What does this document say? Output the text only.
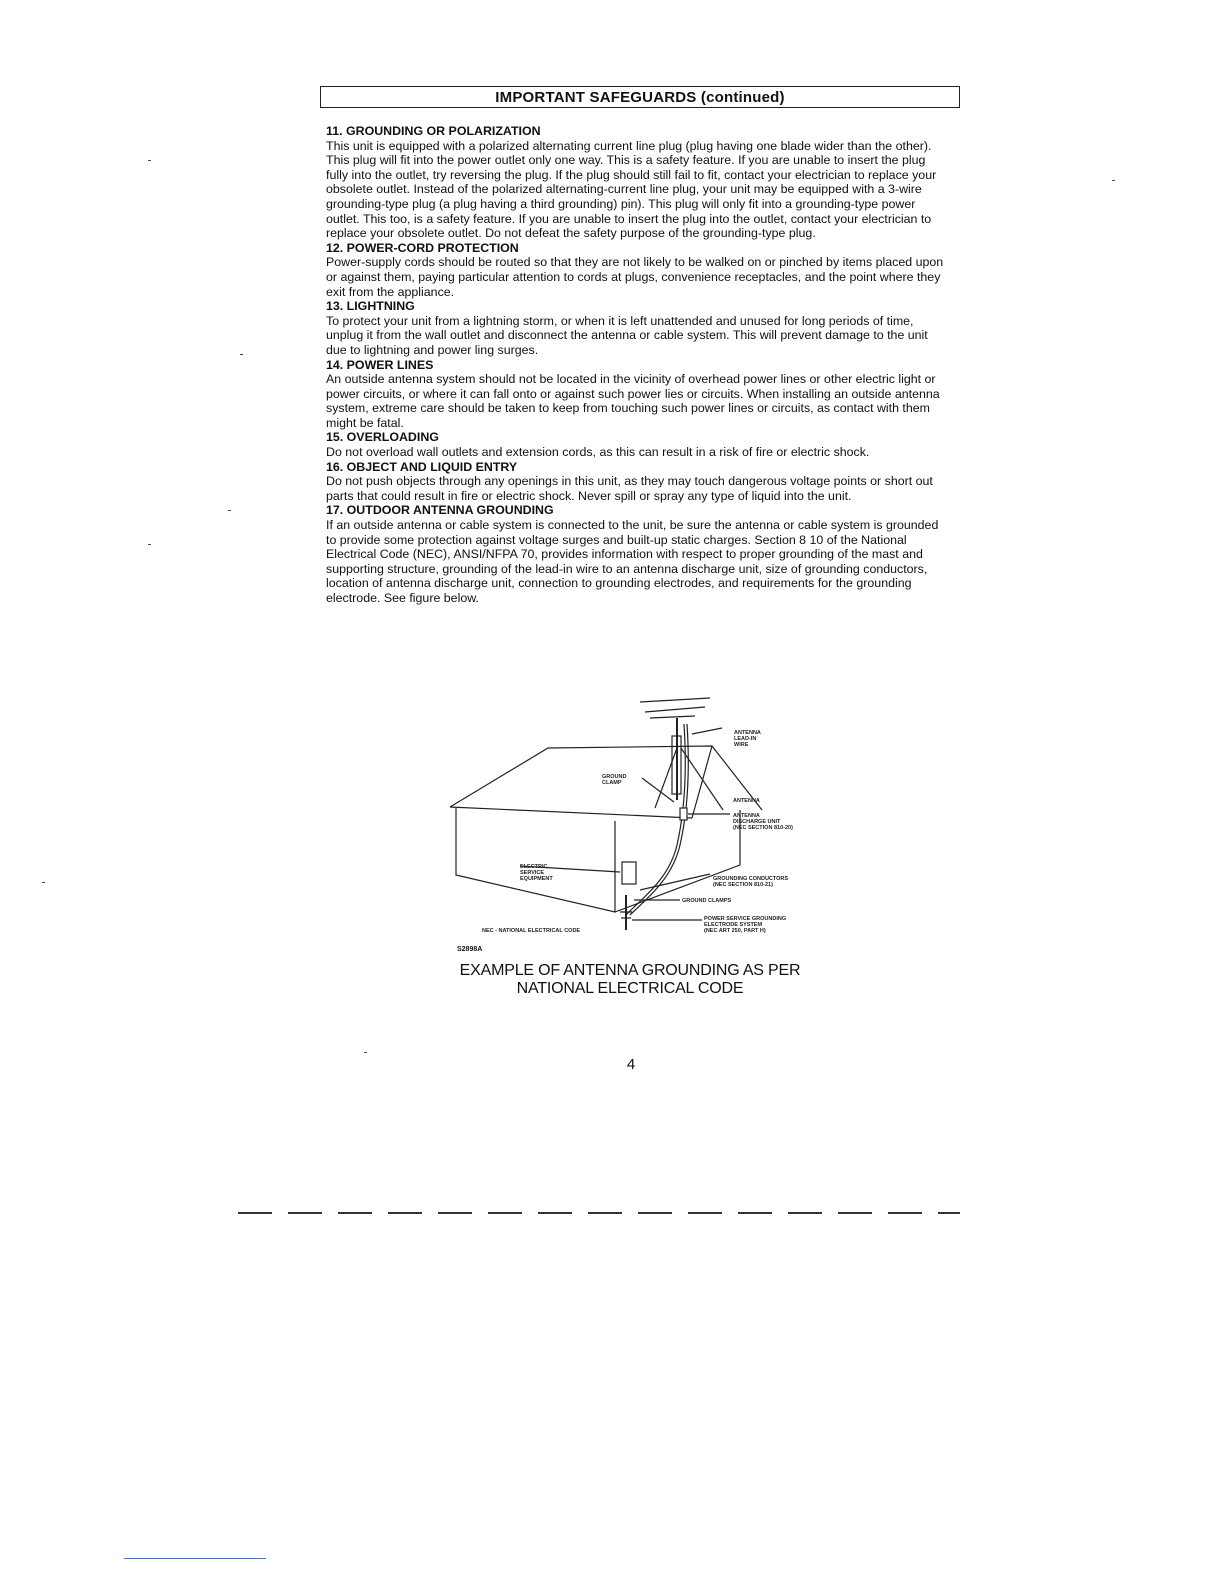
IMPORTANT SAFEGUARDS (continued)

11. GROUNDING OR POLARIZATION

This unit is equipped with a polarized alternating current line plug (plug having one blade wider than the other). This plug will fit into the power outlet only one way. This is a safety feature. If you are unable to insert the plug fully into the outlet, try reversing the plug. If the plug should still fail to fit, contact your electrician to replace your obsolete outlet. Instead of the polarized alternating-current line plug, your unit may be equipped with a 3-wire grounding-type plug (a plug having a third grounding) pin). This plug will only fit into a grounding-type power outlet. This too, is a safety feature. If you are unable to insert the plug into the outlet, contact your electrician to replace your obsolete outlet. Do not defeat the safety purpose of the grounding-type plug.

12. POWER-CORD PROTECTION

Power-supply cords should be routed so that they are not likely to be walked on or pinched by items placed upon or against them, paying particular attention to cords at plugs, convenience receptacles, and the point where they exit from the appliance.

13. LIGHTNING

To protect your unit from a lightning storm, or when it is left unattended and unused for long periods of time, unplug it from the wall outlet and disconnect the antenna or cable system. This will prevent damage to the unit due to lightning and power ling surges.

14. POWER LINES

An outside antenna system should not be located in the vicinity of overhead power lines or other electric light or power circuits, or where it can fall onto or against such power lies or circuits. When installing an outside antenna system, extreme care should be taken to keep from touching such power lines or circuits, as contact with them might be fatal.

15. OVERLOADING

Do not overload wall outlets and extension cords, as this can result in a risk of fire or electric shock.

16. OBJECT AND LIQUID ENTRY

Do not push objects through any openings in this unit, as they may touch dangerous voltage points or short out parts that could result in fire or electric shock. Never spill or spray any type of liquid into the unit.

17. OUTDOOR ANTENNA GROUNDING

If an outside antenna or cable system is connected to the unit, be sure the antenna or cable system is grounded to provide some protection against voltage surges and built-up static charges. Section 8 10 of the National Electrical Code (NEC), ANSI/NFPA 70, provides information with respect to proper grounding of the mast and supporting structure, grounding of the lead-in wire to an antenna discharge unit, size of grounding conductors, location of antenna discharge unit, connection to grounding electrodes, and requirements for the grounding electrode. See figure below.

ANTENNA
LEAD-IN
WIRE
GROUND
CLAMP
ANTENNA
ANTENNA
DISCHARGE UNIT
(NEC SECTION 810-20)
ELECTRIC
SERVICE
EQUIPMENT	GROUNDING CONDUCTORS
(NEC SECTION 810-21)
GROUND CLAMPS
POWER SERVICE GROUNDING
ELECTRODE SYSTEM
(NEC ART 250, PART H)
NEC - NATIONAL ELECTRICAL CODE
S2898A
EXAMPLE OF ANTENNA GROUNDING AS PER
NATIONAL ELECTRICAL CODE
4
